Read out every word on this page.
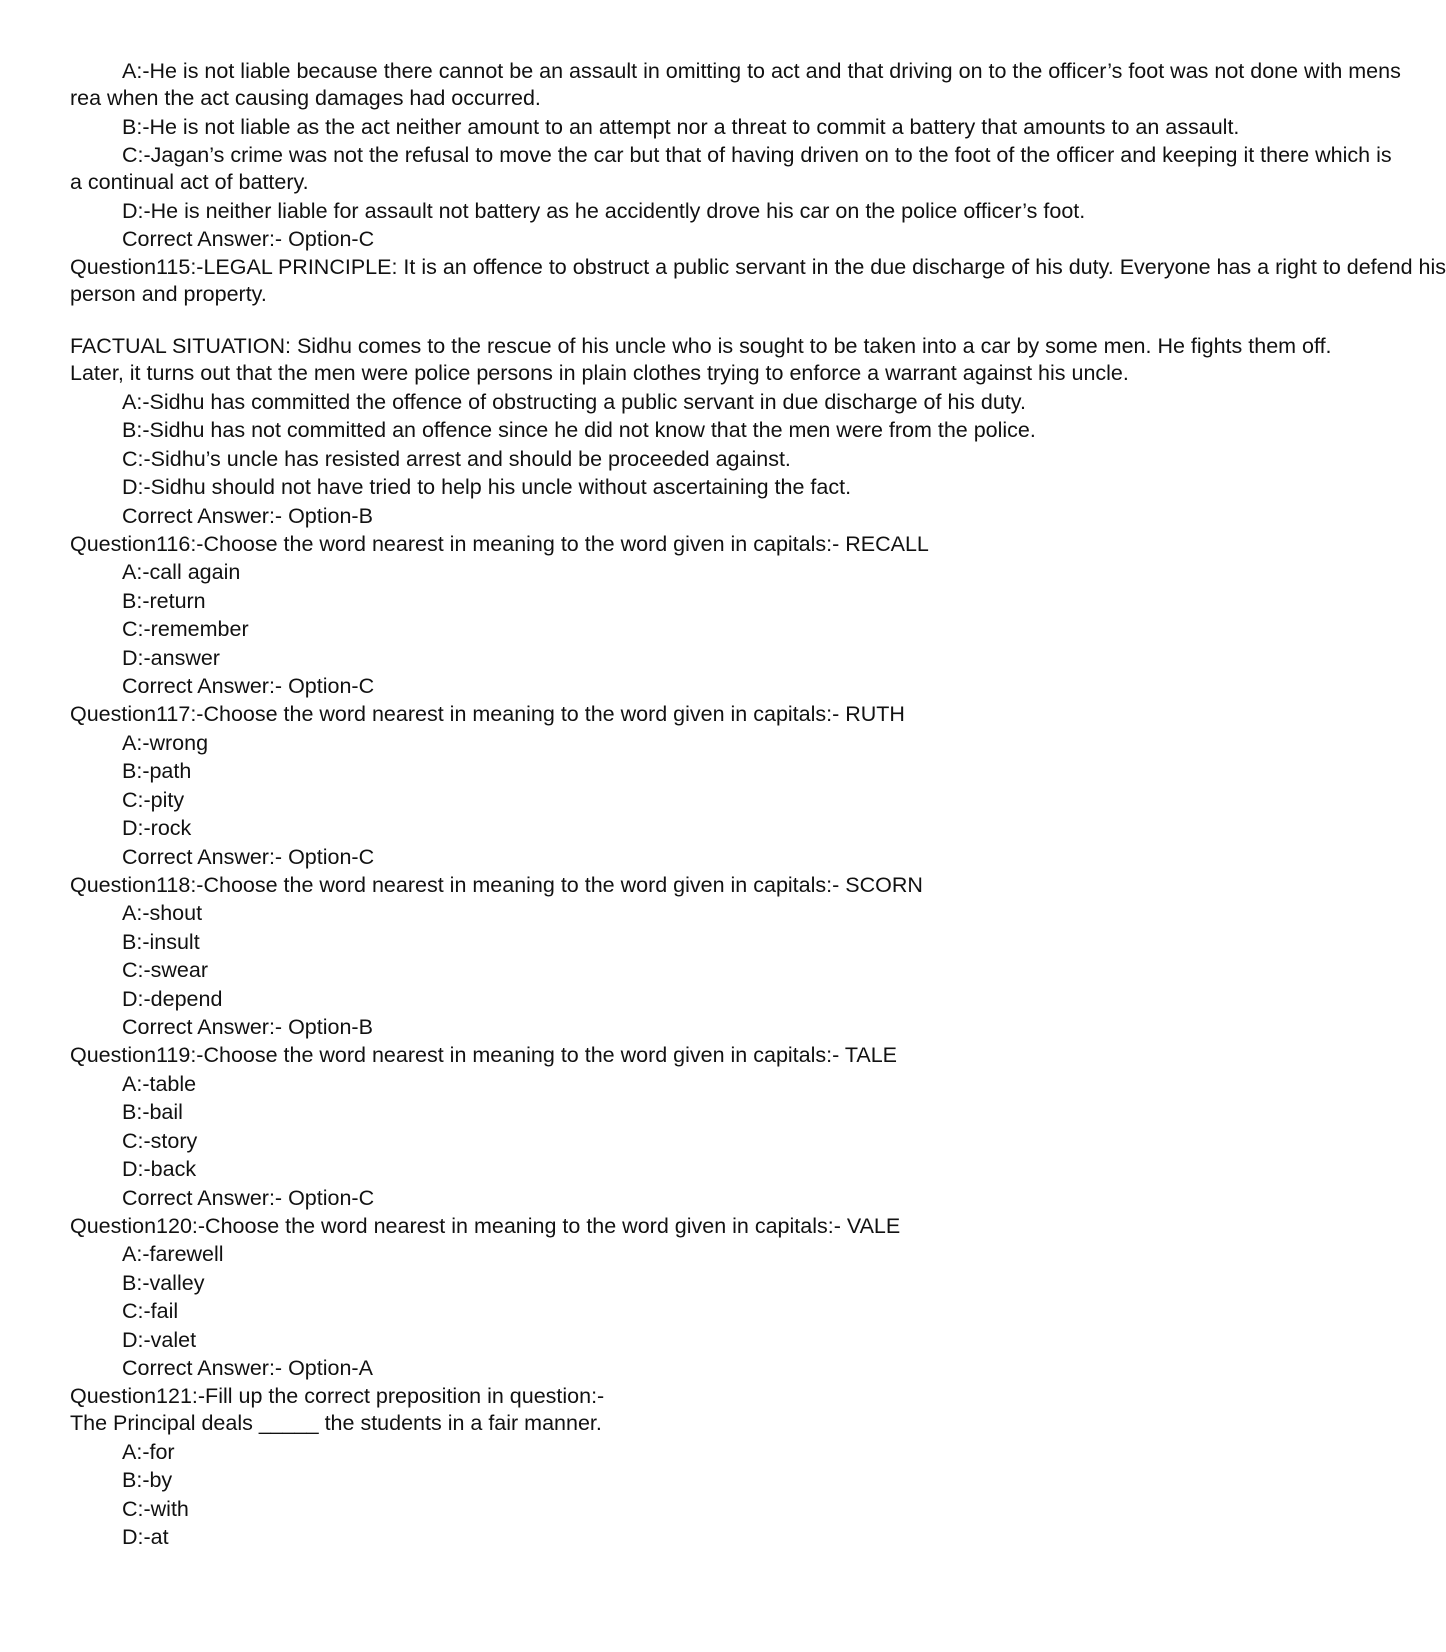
A:-He is not liable because there cannot be an assault in omitting to act and that driving on to the officer’s foot was not done with mens
rea when the act causing damages had occurred.
B:-He is not liable as the act neither amount to an attempt nor a threat to commit a battery that amounts to an assault.
C:-Jagan’s crime was not the refusal to move the car but that of having driven on to the foot of the officer and keeping it there which is
a continual act of battery.
D:-He is neither liable for assault not battery as he accidently drove his car on the police officer’s foot.
Correct Answer:- Option-C
Question115:-LEGAL PRINCIPLE: It is an offence to obstruct a public servant in the due discharge of his duty. Everyone has a right to defend his
person and property.
FACTUAL SITUATION: Sidhu comes to the rescue of his uncle who is sought to be taken into a car by some men. He fights them off.
Later, it turns out that the men were police persons in plain clothes trying to enforce a warrant against his uncle.
A:-Sidhu has committed the offence of obstructing a public servant in due discharge of his duty.
B:-Sidhu has not committed an offence since he did not know that the men were from the police.
C:-Sidhu’s uncle has resisted arrest and should be proceeded against.
D:-Sidhu should not have tried to help his uncle without ascertaining the fact.
Correct Answer:- Option-B
Question116:-Choose the word nearest in meaning to the word given in capitals:- RECALL
A:-call again
B:-return
C:-remember
D:-answer
Correct Answer:- Option-C
Question117:-Choose the word nearest in meaning to the word given in capitals:- RUTH
A:-wrong
B:-path
C:-pity
D:-rock
Correct Answer:- Option-C
Question118:-Choose the word nearest in meaning to the word given in capitals:- SCORN
A:-shout
B:-insult
C:-swear
D:-depend
Correct Answer:- Option-B
Question119:-Choose the word nearest in meaning to the word given in capitals:- TALE
A:-table
B:-bail
C:-story
D:-back
Correct Answer:- Option-C
Question120:-Choose the word nearest in meaning to the word given in capitals:- VALE
A:-farewell
B:-valley
C:-fail
D:-valet
Correct Answer:- Option-A
Question121:-Fill up the correct preposition in question:-
The Principal deals _____ the students in a fair manner.
A:-for
B:-by
C:-with
D:-at
